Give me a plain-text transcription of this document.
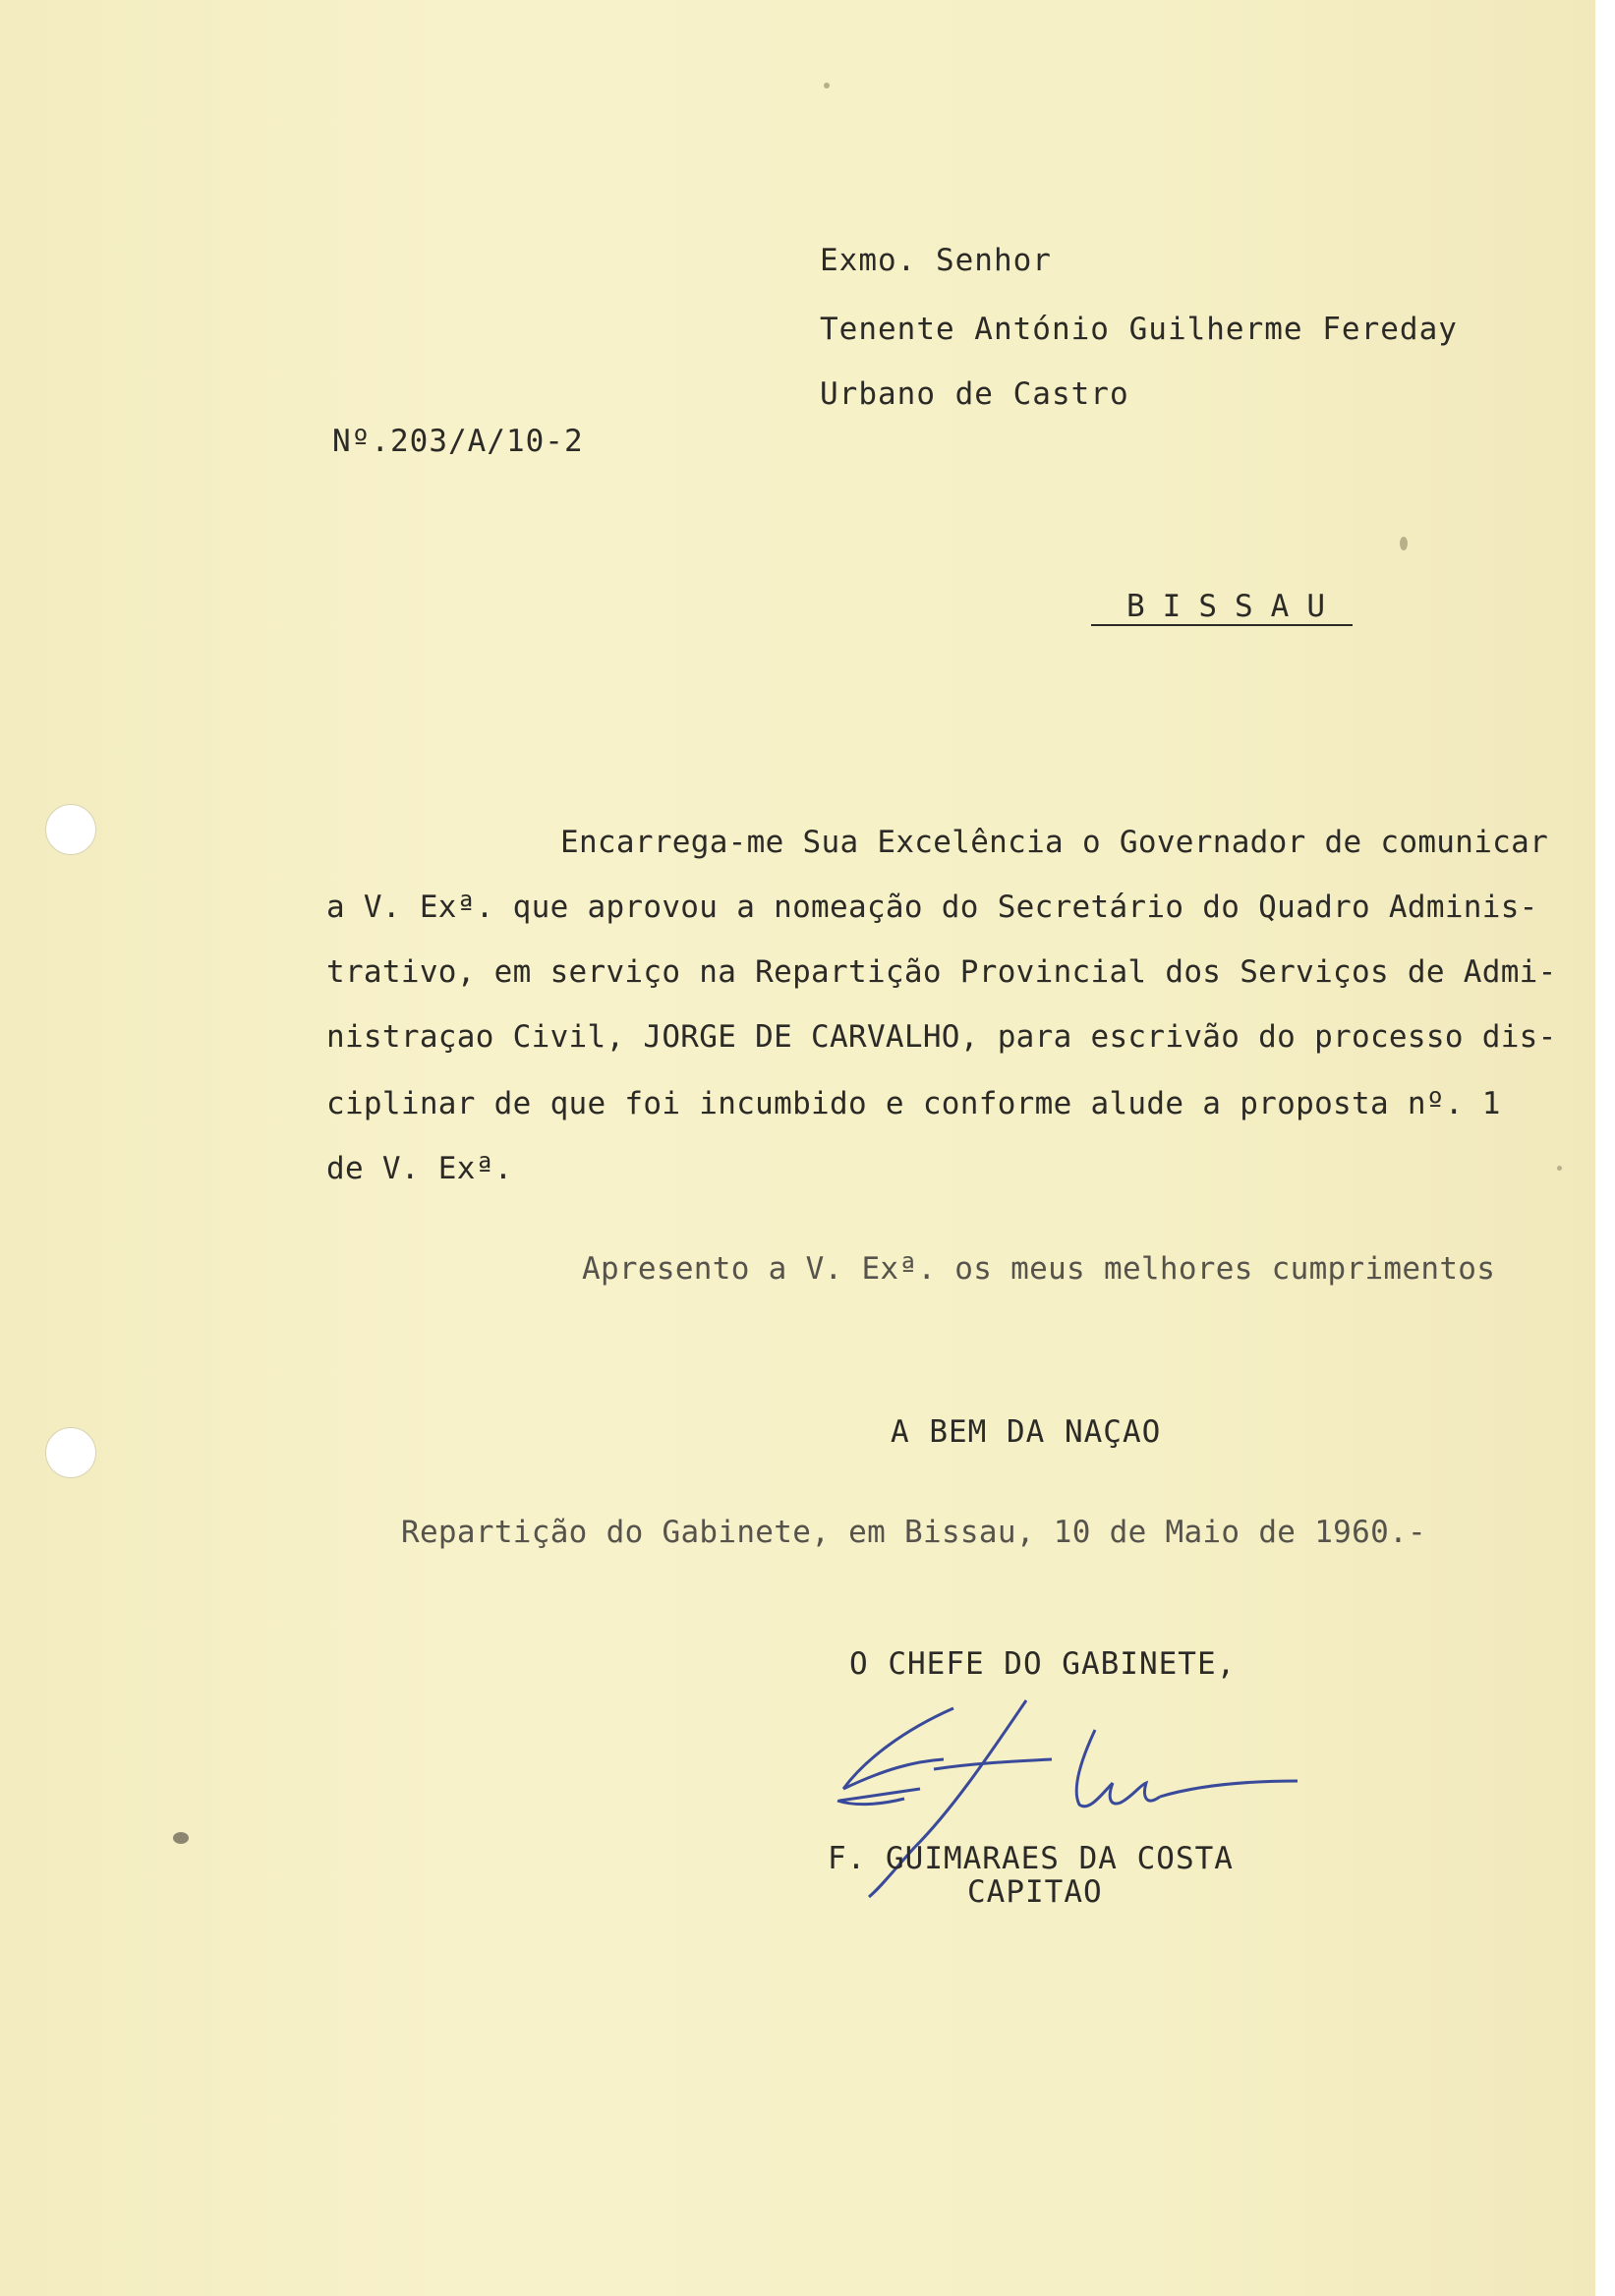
Exmo. Senhor
Tenente António Guilherme Fereday
Urbano de Castro
Nº.203/A/10-2
BISSAU
Encarrega-me Sua Excelência o Governador de comunicar
a V. Exª. que aprovou a nomeação do Secretário do Quadro Adminis-
trativo, em serviço na Repartição Provincial dos Serviços de Admi-
nistraçao Civil, JORGE DE CARVALHO, para escrivão do processo dis-
ciplinar de que foi incumbido e conforme alude a proposta nº. 1
de V. Exª.
Apresento a V. Exª. os meus melhores cumprimentos
A BEM DA NAÇAO
Repartição do Gabinete, em Bissau, 10 de Maio de 1960.-
O CHEFE DO GABINETE,
F. GUIMARAES DA COSTA
CAPITAO
